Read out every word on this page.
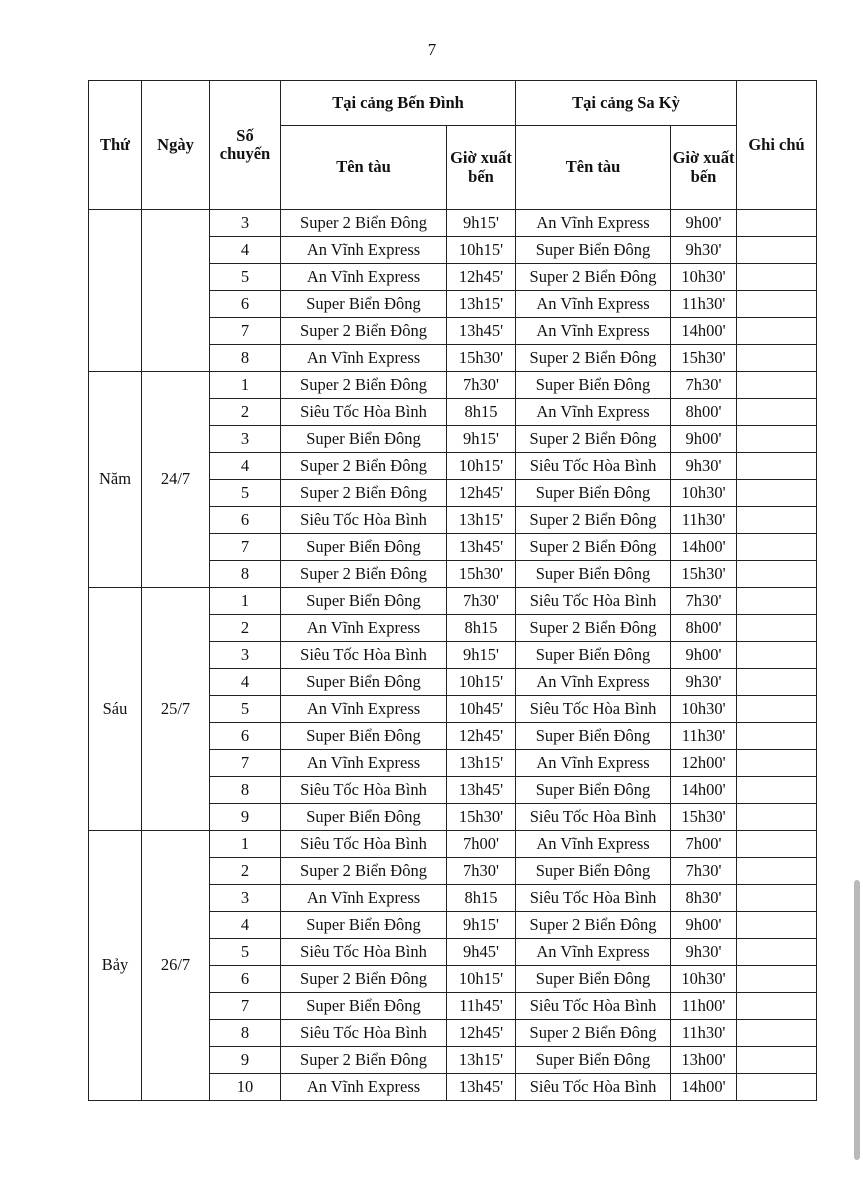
7
Thứ	Ngày	Số chuyến	Tại cảng Bến Đình		Tại cảng Sa Kỳ		Ghi chú
			Tên tàu	Giờ xuất bến	Tên tàu	Giờ xuất bến	
		3	Super 2 Biển Đông	9h15'	An Vĩnh Express	9h00'	
		4	An Vĩnh Express	10h15'	Super Biển Đông	9h30'	
		5	An Vĩnh Express	12h45'	Super 2 Biển Đông	10h30'	
		6	Super Biển Đông	13h15'	An Vĩnh Express	11h30'	
		7	Super 2 Biển Đông	13h45'	An Vĩnh Express	14h00'	
		8	An Vĩnh Express	15h30'	Super 2 Biển Đông	15h30'	
Năm	24/7	1	Super 2 Biển Đông	7h30'	Super Biển Đông	7h30'	
		2	Siêu Tốc Hòa Bình	8h15	An Vĩnh Express	8h00'	
		3	Super Biển Đông	9h15'	Super 2 Biển Đông	9h00'	
		4	Super 2 Biển Đông	10h15'	Siêu Tốc Hòa Bình	9h30'	
		5	Super 2 Biển Đông	12h45'	Super Biển Đông	10h30'	
		6	Siêu Tốc Hòa Bình	13h15'	Super 2 Biển Đông	11h30'	
		7	Super Biển Đông	13h45'	Super 2 Biển Đông	14h00'	
		8	Super 2 Biển Đông	15h30'	Super Biển Đông	15h30'	
Sáu	25/7	1	Super Biển Đông	7h30'	Siêu Tốc Hòa Bình	7h30'	
		2	An Vĩnh Express	8h15	Super 2 Biển Đông	8h00'	
		3	Siêu Tốc Hòa Bình	9h15'	Super Biển Đông	9h00'	
		4	Super Biển Đông	10h15'	An Vĩnh Express	9h30'	
		5	An Vĩnh Express	10h45'	Siêu Tốc Hòa Bình	10h30'	
		6	Super Biển Đông	12h45'	Super Biển Đông	11h30'	
		7	An Vĩnh Express	13h15'	An Vĩnh Express	12h00'	
		8	Siêu Tốc Hòa Bình	13h45'	Super Biển Đông	14h00'	
		9	Super Biển Đông	15h30'	Siêu Tốc Hòa Bình	15h30'	
Bảy	26/7	1	Siêu Tốc Hòa Bình	7h00'	An Vĩnh Express	7h00'	
		2	Super 2 Biển Đông	7h30'	Super Biển Đông	7h30'	
		3	An Vĩnh Express	8h15	Siêu Tốc Hòa Bình	8h30'	
		4	Super Biển Đông	9h15'	Super 2 Biển Đông	9h00'	
		5	Siêu Tốc Hòa Bình	9h45'	An Vĩnh Express	9h30'	
		6	Super 2 Biển Đông	10h15'	Super Biển Đông	10h30'	
		7	Super Biển Đông	11h45'	Siêu Tốc Hòa Bình	11h00'	
		8	Siêu Tốc Hòa Bình	12h45'	Super 2 Biển Đông	11h30'	
		9	Super 2 Biển Đông	13h15'	Super Biển Đông	13h00'	
		10	An Vĩnh Express	13h45'	Siêu Tốc Hòa Bình	14h00'	
